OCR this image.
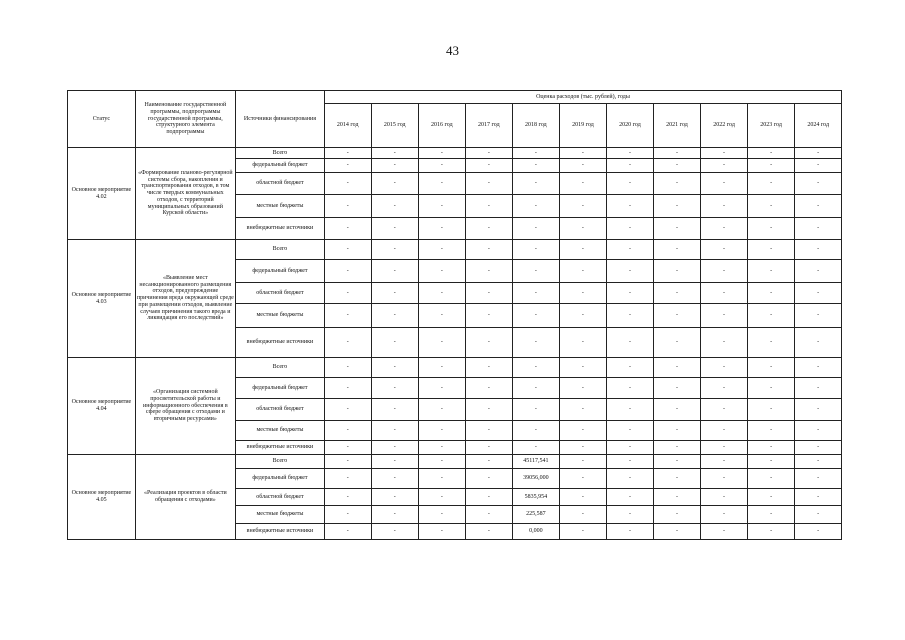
43
Статус	Наименование государственной программы, подпрограммы государственной программы, структурного элемента подпрограммы	Источники финансирования	Оценка расходов (тыс. рублей), годы										
			2014 год	2015 год	2016 год	2017 год	2018 год	2019 год	2020 год	2021 год	2022 год	2023 год	2024 год
Основное мероприятие 4.02	«Формирование планово-регулярной системы сбора, накопления и транспортирования отходов, в том числе твердых коммунальных отходов, с территорий муниципальных образований Курской области»	Всего	-	-	-	-	-	-	-	-	-	-	-
		федеральный бюджет	-	-	-	-	-	-	-	-	-	-	-
		областной бюджет	-	-	-	-	-	-	-	-	-	-	-
		местные бюджеты	-	-	-	-	-	-	-	-	-	-	-
		внебюджетные источники	-	-	-	-	-	-	-	-	-	-	-
Основное мероприятие 4.03	«Выявление мест несанкционированного размещения отходов, предупреждение причинения вреда окружающей среде при размещении отходов, выявление случаев причинения такого вреда и ликвидация его последствий»	Всего	-	-	-	-	-	-	-	-	-	-	-
		федеральный бюджет	-	-	-	-	-	-	-	-	-	-	-
		областной бюджет	-	-	-	-	-	-	-	-	-	-	-
		местные бюджеты	-	-	-	-	-	-	-	-	-	-	-
		внебюджетные источники	-	-	-	-	-	-	-	-	-	-	-
Основное мероприятие 4.04	«Организация системной просветительской работы и информационного обеспечения в сфере обращения с отходами и вторичными ресурсами»	Всего	-	-	-	-	-	-	-	-	-	-	-
		федеральный бюджет	-	-	-	-	-	-	-	-	-	-	-
		областной бюджет	-	-	-	-	-	-	-	-	-	-	-
		местные бюджеты	-	-	-	-	-	-	-	-	-	-	-
		внебюджетные источники	-	-	-	-	-	-	-	-	-	-	-
Основное мероприятие 4.05	«Реализация проектов в области обращения с отходами»	Всего	-	-	-	-	45117,541	-	-	-	-	-	-
		федеральный бюджет	-	-	-	-	39056,000	-	-	-	-	-	-
		областной бюджет	-	-	-	-	5835,954	-	-	-	-	-	-
		местные бюджеты	-	-	-	-	225,587	-	-	-	-	-	-
		внебюджетные источники	-	-	-	-	0,000	-	-	-	-	-	-
